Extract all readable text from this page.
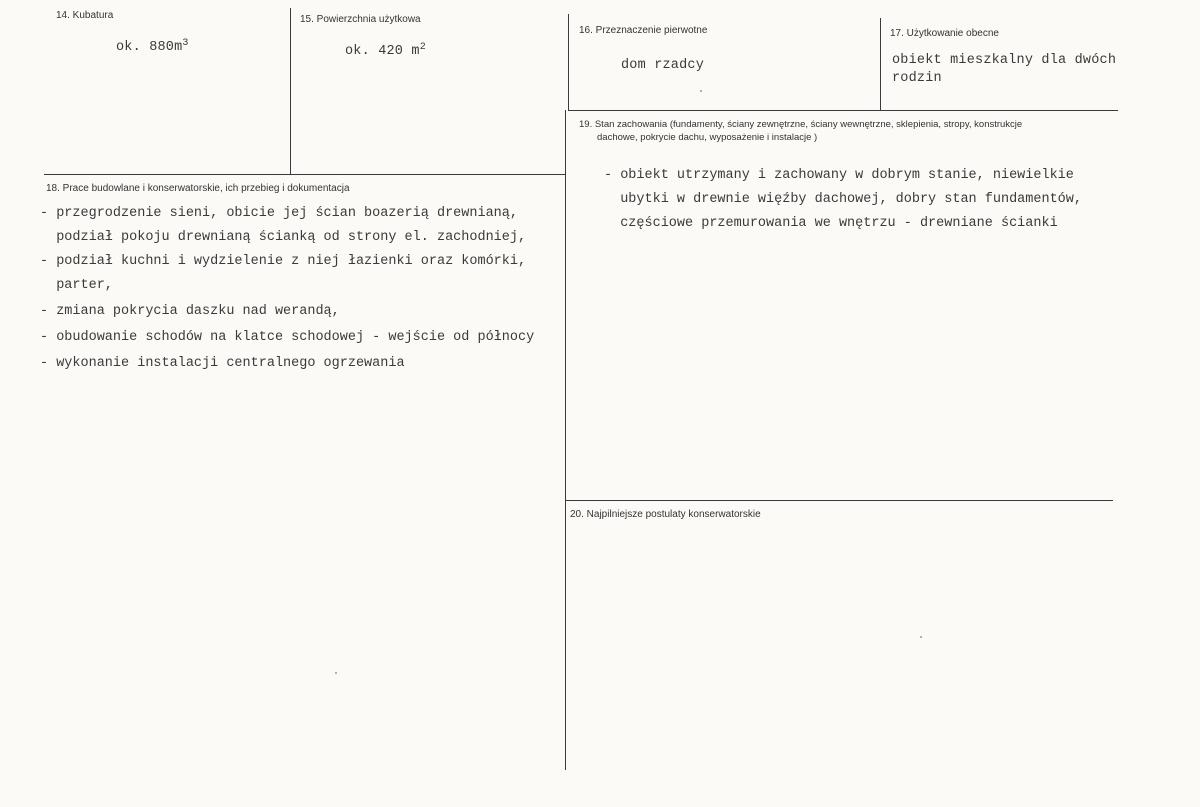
14. Kubatura
ok. $880m^3$
15. Powierzchnia użytkowa
ok. 420 $m^2$
16. Przeznaczenie pierwotne
dom rzadcy
17. Użytkowanie obecne
obiekt mieszkalny dla dwóch
rodzin
19. Stan zachowania (fundamenty, ściany zewnętrzne, ściany wewnętrzne, sklepienia, stropy, konstrukcje
dachowe, pokrycie dachu, wyposażenie i instalacje )
- obiekt utrzymany i zachowany w dobrym stanie, niewielkie
ubytki w drewnie więźby dachowej, dobry stan fundamentów,
częściowe przemurowania we wnętrzu - drewniane ścianki
18. Prace budowlane i konserwatorskie, ich przebieg i dokumentacja
- przegrodzenie sieni, obicie jej ścian boazerią drewnianą,
podział pokoju drewnianą ścianką od strony el. zachodniej,
- podział kuchni i wydzielenie z niej łazienki oraz komórki,
parter,
- zmiana pokrycia daszku nad werandą,
- obudowanie schodów na klatce schodowej - wejście od północy
- wykonanie instalacji centralnego ogrzewania
20. Najpilniejsze postulaty konserwatorskie
